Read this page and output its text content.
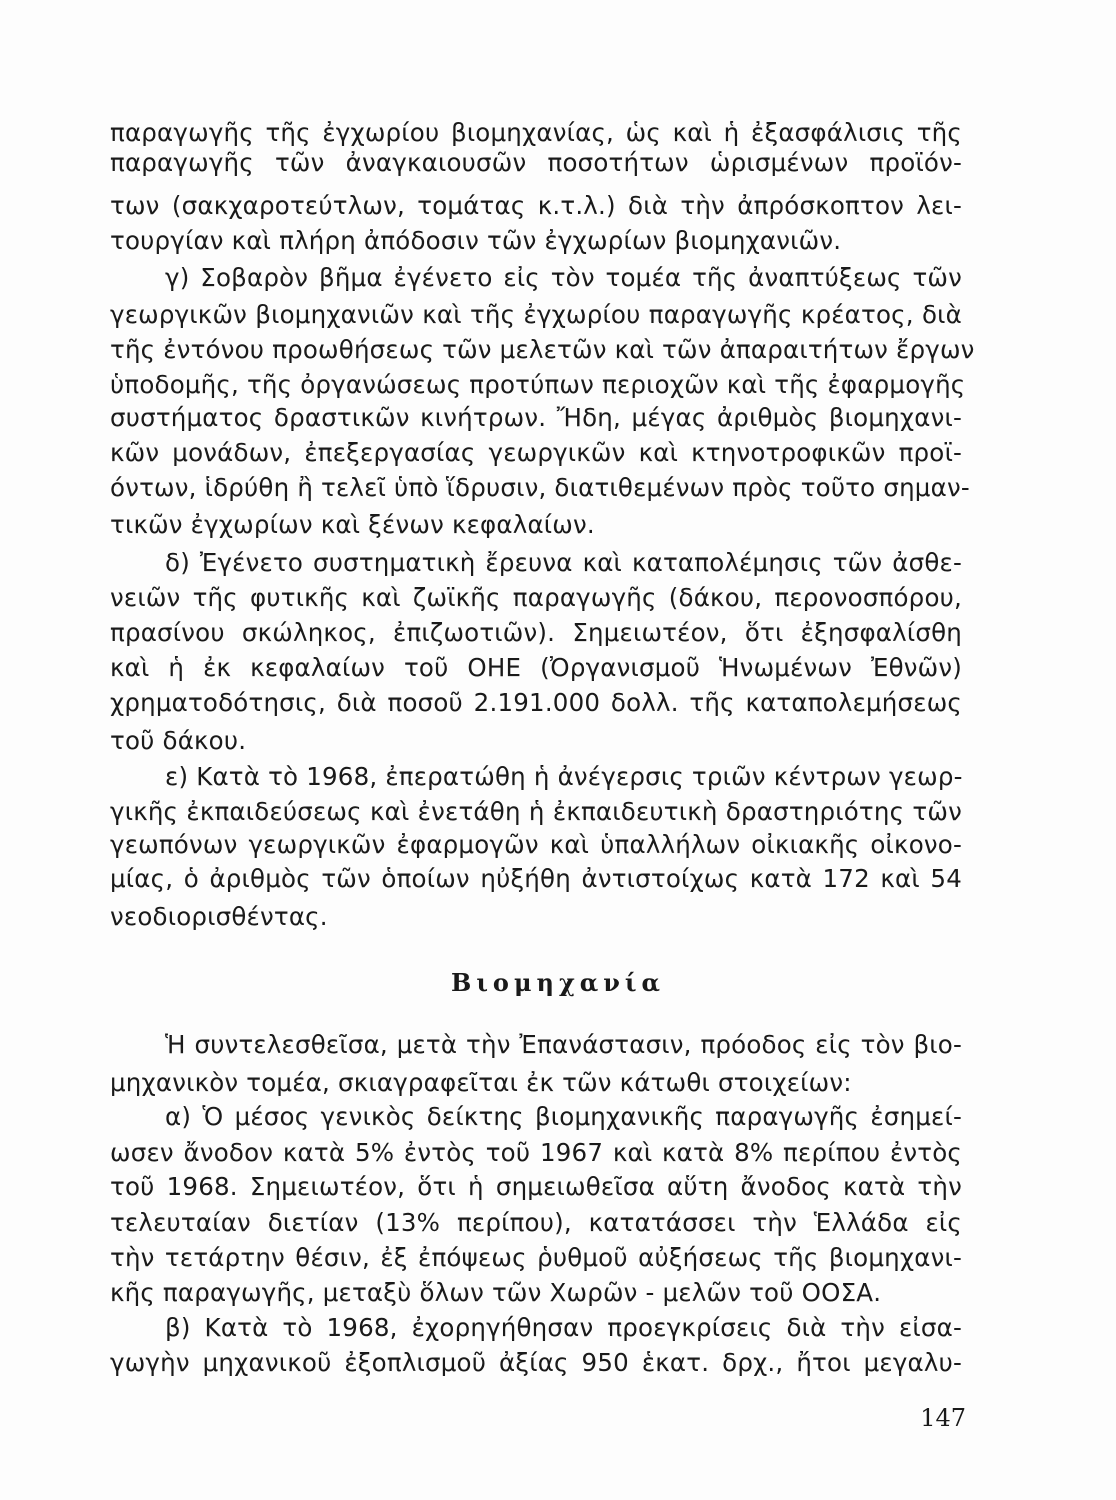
παραγωγῆς τῆς ἐγχωρίου βιομηχανίας, ὡς καὶ ἡ ἐξασφάλισις τῆς

παραγωγῆς τῶν ἀναγκαιουσῶν ποσοτήτων ὡρισμένων προϊόν-

των (σακχαροτεύτλων, τομάτας κ.τ.λ.) διὰ τὴν ἀπρόσκοπτον λει-

τουργίαν καὶ πλήρη ἀπόδοσιν τῶν ἐγχωρίων βιομηχανιῶν.

γ) Σοβαρὸν βῆμα ἐγένετο εἰς τὸν τομέα τῆς ἀναπτύξεως τῶν

γεωργικῶν βιομηχανιῶν καὶ τῆς ἐγχωρίου παραγωγῆς κρέατος, διὰ

τῆς ἐντόνου προωθήσεως τῶν μελετῶν καὶ τῶν ἀπαραιτήτων ἔργων

ὑποδομῆς, τῆς ὀργανώσεως προτύπων περιοχῶν καὶ τῆς ἐφαρμογῆς

συστήματος δραστικῶν κινήτρων. Ἤδη, μέγας ἀριθμὸς βιομηχανι-

κῶν μονάδων, ἐπεξεργασίας γεωργικῶν καὶ κτηνοτροφικῶν προϊ-

όντων, ἱδρύθη ἢ τελεῖ ὑπὸ ἵδρυσιν, διατιθεμένων πρὸς τοῦτο σημαν-

τικῶν ἐγχωρίων καὶ ξένων κεφαλαίων.

δ) Ἐγένετο συστηματικὴ ἔρευνα καὶ καταπολέμησις τῶν ἀσθε-

νειῶν τῆς φυτικῆς καὶ ζωϊκῆς παραγωγῆς (δάκου, περονοσπόρου,

πρασίνου σκώληκος, ἐπιζωοτιῶν). Σημειωτέον, ὅτι ἐξησφαλίσθη

καὶ ἡ ἐκ κεφαλαίων τοῦ ΟΗΕ (Ὀργανισμοῦ Ἡνωμένων Ἐθνῶν)

χρηματοδότησις, διὰ ποσοῦ 2.191.000 δολλ. τῆς καταπολεμήσεως

τοῦ δάκου.

ε) Κατὰ τὸ 1968, ἐπερατώθη ἡ ἀνέγερσις τριῶν κέντρων γεωρ-

γικῆς ἐκπαιδεύσεως καὶ ἐνετάθη ἡ ἐκπαιδευτικὴ δραστηριότης τῶν

γεωπόνων γεωργικῶν ἐφαρμογῶν καὶ ὑπαλλήλων οἰκιακῆς οἰκονο-

μίας, ὁ ἀριθμὸς τῶν ὁποίων ηὐξήθη ἀντιστοίχως κατὰ 172 καὶ 54

νεοδιορισθέντας.

Βιομηχανία

Ἡ συντελεσθεῖσα, μετὰ τὴν Ἐπανάστασιν, πρόοδος εἰς τὸν βιο-

μηχανικὸν τομέα, σκιαγραφεῖται ἐκ τῶν κάτωθι στοιχείων:

α) Ὁ μέσος γενικὸς δείκτης βιομηχανικῆς παραγωγῆς ἐσημεί-

ωσεν ἄνοδον κατὰ 5% ἐντὸς τοῦ 1967 καὶ κατὰ 8% περίπου ἐντὸς

τοῦ 1968. Σημειωτέον, ὅτι ἡ σημειωθεῖσα αὕτη ἄνοδος κατὰ τὴν

τελευταίαν διετίαν (13% περίπου), κατατάσσει τὴν Ἑλλάδα εἰς

τὴν τετάρτην θέσιν, ἐξ ἐπόψεως ῥυθμοῦ αὐξήσεως τῆς βιομηχανι-

κῆς παραγωγῆς, μεταξὺ ὅλων τῶν Χωρῶν - μελῶν τοῦ ΟΟΣΑ.

β) Κατὰ τὸ 1968, ἐχορηγήθησαν προεγκρίσεις διὰ τὴν εἰσα-

γωγὴν μηχανικοῦ ἐξοπλισμοῦ ἀξίας 950 ἑκατ. δρχ., ἤτοι μεγαλυ-

147
